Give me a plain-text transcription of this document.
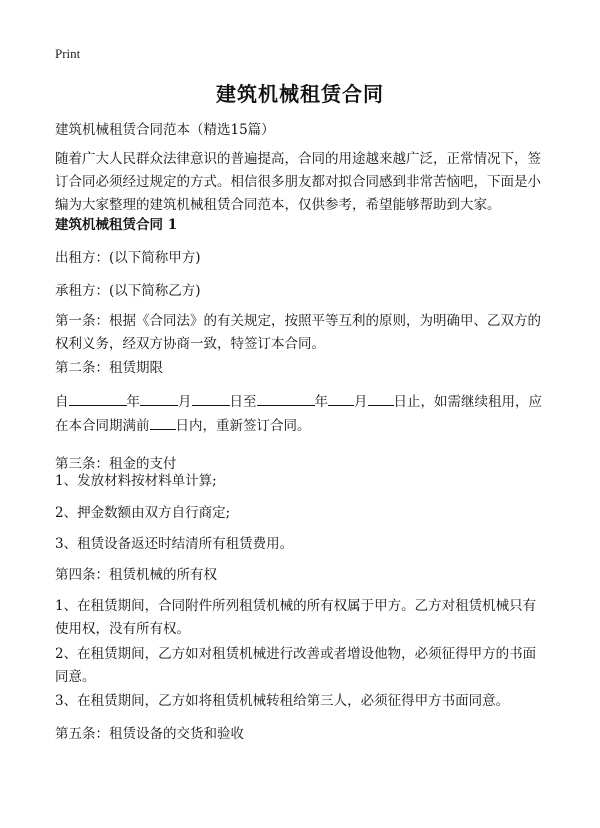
Print
建筑机械租赁合同
建筑机械租赁合同范本（精选15篇）
随着广大人民群众法律意识的普遍提高，合同的用途越来越广泛，正常情况下，签订合同必须经过规定的方式。相信很多朋友都对拟合同感到非常苦恼吧，下面是小编为大家整理的建筑机械租赁合同范本，仅供参考，希望能够帮助到大家。
建筑机械租赁合同 1
出租方：(以下简称甲方)
承租方：(以下简称乙方)
第一条：根据《合同法》的有关规定，按照平等互利的原则，为明确甲、乙双方的权利义务，经双方协商一致，特签订本合同。
第二条：租赁期限
自	年	月	日至	年 月 日止，如需继续租用，应在本合同期满前 日内，重新签订合同。
第三条：租金的支付
1、发放材料按材料单计算;
2、押金数额由双方自行商定;
3、租赁设备返还时结清所有租赁费用。
第四条：租赁机械的所有权
1、在租赁期间，合同附件所列租赁机械的所有权属于甲方。乙方对租赁机械只有使用权，没有所有权。
2、在租赁期间，乙方如对租赁机械进行改善或者增设他物，必须征得甲方的书面同意。
3、在租赁期间，乙方如将租赁机械转租给第三人，必须征得甲方书面同意。
第五条：租赁设备的交货和验收
